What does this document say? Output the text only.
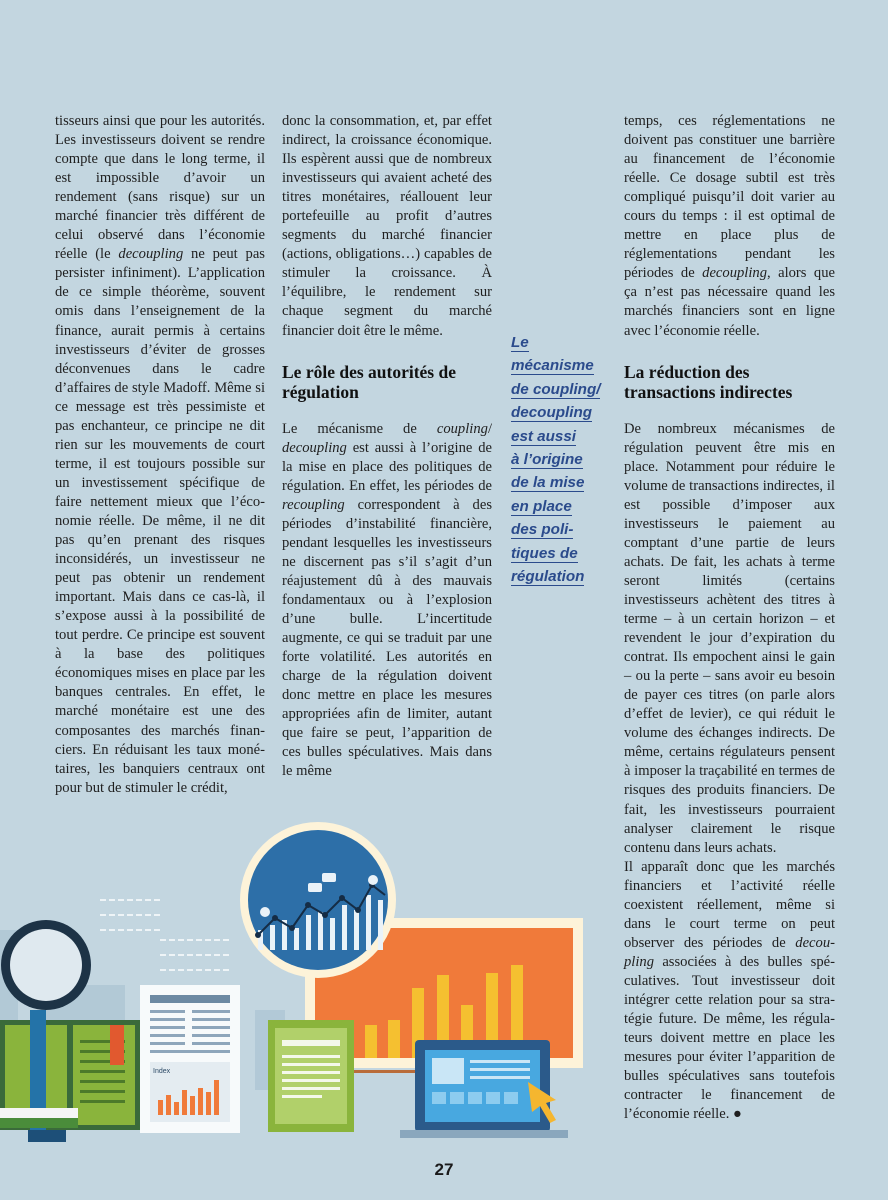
tisseurs ainsi que pour les autorités. Les investisseurs doivent se rendre compte que dans le long terme, il est impossible d’avoir un rendement (sans risque) sur un marché financier très différent de celui observé dans l’économie réelle (le decoupling ne peut pas persister infiniment). L’application de ce simple théorème, souvent omis dans l’enseignement de la finance, aurait permis à certains investisseurs d’éviter de grosses déconvenues dans le cadre d’affaires de style Madoff. Même si ce message est très pessimiste et pas enchanteur, ce principe ne dit rien sur les mouvements de court terme, il est toujours possible sur un investissement spécifique de faire nettement mieux que l’économie réelle. De même, il ne dit pas qu’en prenant des risques inconsidérés, un investisseur ne peut pas obtenir un rendement important. Mais dans ce cas-là, il s’expose aussi à la possibilité de tout perdre. Ce principe est souvent à la base des politiques économiques mises en place par les banques centrales. En effet, le marché monétaire est une des composantes des marchés financiers. En réduisant les taux monétaires, les banquiers centraux ont pour but de stimuler le crédit,

donc la consommation, et, par effet indirect, la croissance économique. Ils espèrent aussi que de nombreux investisseurs qui avaient acheté des titres monétaires, réallouent leur portefeuille au profit d’autres segments du marché financier (actions, obligations…) capables de stimuler la croissance. À l’équilibre, le rendement sur chaque segment du marché financier doit être le même.

Le rôle des autorités de régulation

Le mécanisme de coupling/ decoupling est aussi à l’origine de la mise en place des politiques de régulation. En effet, les périodes de recoupling correspondent à des périodes d’instabilité financière, pendant lesquelles les investisseurs ne discernent pas s’il s’agit d’un réajustement dû à des mauvais fondamentaux ou à l’explosion d’une bulle. L’incertitude augmente, ce qui se traduit par une forte volatilité. Les autorités en charge de la régulation doivent donc mettre en place les mesures appropriées afin de limiter, autant que faire se peut, l’apparition de ces bulles spéculatives. Mais dans le même

Le
mécanisme
de coupling/
decoupling
est aussi
à l’origine
de la mise
en place
des poli-
tiques de
régulation

temps, ces réglementations ne doivent pas constituer une barrière au financement de l’économie réelle. Ce dosage subtil est très compliqué puisqu’il doit varier au cours du temps : il est optimal de mettre en place plus de réglementations pendant les périodes de decoupling, alors que ça n’est pas nécessaire quand les marchés financiers sont en ligne avec l’économie réelle.

La réduction des transactions indirectes

De nombreux mécanismes de régulation peuvent être mis en place. Notamment pour réduire le volume de transactions indirectes, il est possible d’imposer aux investisseurs le paiement au comptant d’une partie de leurs achats. De fait, les achats à terme seront limités (certains investisseurs achètent des titres à terme – à un certain horizon – et revendent le jour d’expiration du contrat. Ils empochent ainsi le gain – ou la perte – sans avoir eu besoin de payer ces titres (on parle alors d’effet de levier), ce qui réduit le volume des échanges indirects. De même, certains régulateurs pensent à imposer la traçabilité en termes de risques des produits financiers. De fait, les investisseurs pourraient analyser clairement le risque contenu dans leurs achats.

Il apparaît donc que les marchés financiers et l’activité réelle coexistent réellement, même si dans le court terme on peut observer des périodes de decoupling associées à des bulles spéculatives. Tout investisseur doit intégrer cette relation pour sa stratégie future. De même, les régulateurs doivent mettre en place les mesures pour éviter l’apparition de bulles spéculatives sans toutefois contracter le financement de l’économie réelle. ●

Index
27
